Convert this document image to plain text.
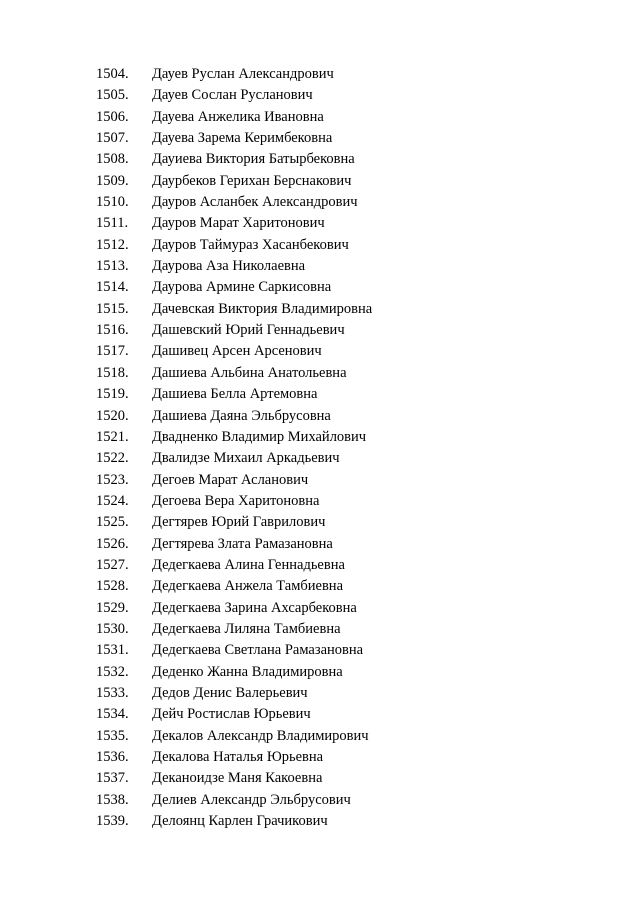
1504.	Дауев Руслан Александрович
1505.	Дауев Сослан Русланович
1506.	Дауева Анжелика Ивановна
1507.	Дауева Зарема Керимбековна
1508.	Дауиева Виктория Батырбековна
1509.	Даурбеков Герихан Берснакович
1510.	Дауров Асланбек Александрович
1511.	Дауров Марат Харитонович
1512.	Дауров Таймураз Хасанбекович
1513.	Даурова Аза Николаевна
1514.	Даурова Армине Саркисовна
1515.	Дачевская Виктория Владимировна
1516.	Дашевский Юрий Геннадьевич
1517.	Дашивец Арсен Арсенович
1518.	Дашиева Альбина Анатольевна
1519.	Дашиева Белла Артемовна
1520.	Дашиева Даяна Эльбрусовна
1521.	Двадненко Владимир Михайлович
1522.	Двалидзе Михаил Аркадьевич
1523.	Дегоев Марат Асланович
1524.	Дегоева Вера Харитоновна
1525.	Дегтярев Юрий Гаврилович
1526.	Дегтярева Злата Рамазановна
1527.	Дедегкаева Алина Геннадьевна
1528.	Дедегкаева Анжела Тамбиевна
1529.	Дедегкаева Зарина Ахсарбековна
1530.	Дедегкаева Лиляна Тамбиевна
1531.	Дедегкаева Светлана Рамазановна
1532.	Деденко Жанна Владимировна
1533.	Дедов Денис Валерьевич
1534.	Дейч Ростислав Юрьевич
1535.	Декалов Александр Владимирович
1536.	Декалова Наталья Юрьевна
1537.	Деканоидзе Маня Какоевна
1538.	Делиев Александр Эльбрусович
1539.	Делоянц Карлен Грачикович
